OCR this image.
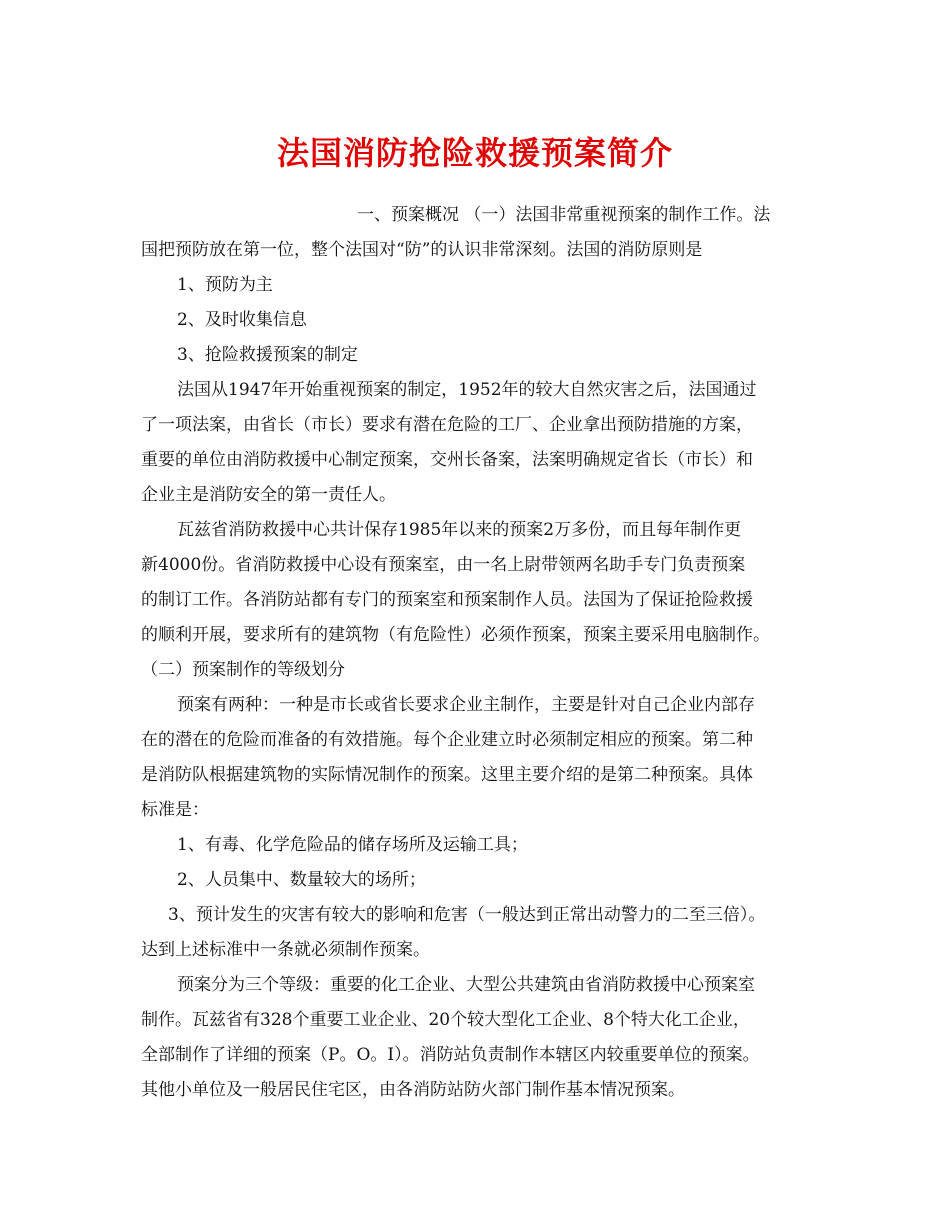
法国消防抢险救援预案简介

一、预案概况 （一）法国非常重视预案的制作工作。法

国把预防放在第一位，整个法国对“防”的认识非常深刻。法国的消防原则是

1、预防为主

2、及时收集信息

3、抢险救援预案的制定

法国从1947年开始重视预案的制定，1952年的较大自然灾害之后，法国通过

了一项法案，由省长（市长）要求有潜在危险的工厂、企业拿出预防措施的方案，

重要的单位由消防救援中心制定预案，交州长备案，法案明确规定省长（市长）和

企业主是消防安全的第一责任人。

瓦兹省消防救援中心共计保存1985年以来的预案2万多份，而且每年制作更

新4000份。省消防救援中心设有预案室，由一名上尉带领两名助手专门负责预案

的制订工作。各消防站都有专门的预案室和预案制作人员。法国为了保证抢险救援

的顺利开展，要求所有的建筑物（有危险性）必须作预案，预案主要采用电脑制作。

（二）预案制作的等级划分

预案有两种：一种是市长或省长要求企业主制作，主要是针对自己企业内部存

在的潜在的危险而准备的有效措施。每个企业建立时必须制定相应的预案。第二种

是消防队根据建筑物的实际情况制作的预案。这里主要介绍的是第二种预案。具体

标准是：

1、有毒、化学危险品的储存场所及运输工具；

2、人员集中、数量较大的场所；

3、预计发生的灾害有较大的影响和危害（一般达到正常出动警力的二至三倍）。

达到上述标准中一条就必须制作预案。

预案分为三个等级：重要的化工企业、大型公共建筑由省消防救援中心预案室

制作。瓦兹省有328个重要工业企业、20个较大型化工企业、8个特大化工企业，

全部制作了详细的预案（P。O。I）。消防站负责制作本辖区内较重要单位的预案。

其他小单位及一般居民住宅区，由各消防站防火部门制作基本情况预案。
